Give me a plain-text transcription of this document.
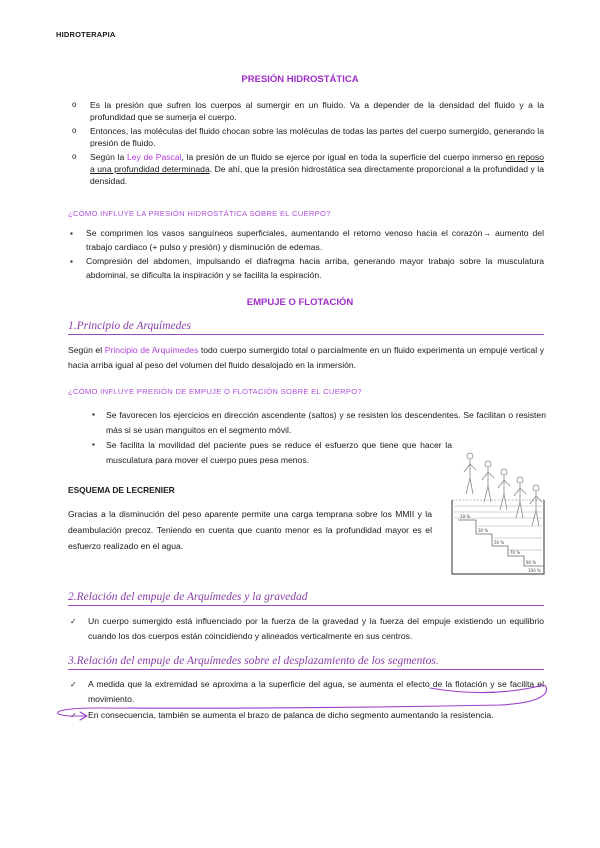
HIDROTERAPIA
PRESIÓN HIDROSTÁTICA
o Es la presión que sufren los cuerpos al sumergir en un fluido. Va a depender de la densidad del fluido y a la profundidad que se sumerja el cuerpo.
o Entonces, las moléculas del fluido chocan sobre las moléculas de todas las partes del cuerpo sumergido, generando la presión de fluido.
o Según la Ley de Pascal, la presión de un fluido se ejerce por igual en toda la superficie del cuerpo inmerso en reposo a una profundidad determinada. De ahí, que la presión hidrostática sea directamente proporcional a la profundidad y la densidad.
¿CÓMO INFLUYE LA PRESIÓN HIDROSTÁTICA SOBRE EL CUERPO?
▪ Se comprimen los vasos sanguíneos superficiales, aumentando el retorno venoso hacia el corazón→ aumento del trabajo cardiaco (+ pulso y presión) y disminución de edemas.
▪ Compresión del abdomen, impulsando el diafragma hacia arriba, generando mayor trabajo sobre la musculatura abdominal, se dificulta la inspiración y se facilita la espiración.
EMPUJE O FLOTACIÓN
1.Principio de Arquímedes
Según el Principio de Arquímedes todo cuerpo sumergido total o parcialmente en un fluido experimenta un empuje vertical y hacia arriba igual al peso del volumen del fluido desalojado en la inmersión.
¿CÓMO INFLUYE PRESIÓN DE EMPUJE O FLOTACIÓN SOBRE EL CUERPO?
▪ Se favorecen los ejercicios en dirección ascendente (saltos) y se resisten los descendentes. Se facilitan o resisten más si se usan manguitos en el segmento móvil.
▪ Se facilita la movilidad del paciente pues se reduce el esfuerzo que tiene que hacer la musculatura para mover el cuerpo pues pesa menos.
ESQUEMA DE LECRENIER
Gracias a la disminución del peso aparente permite una carga temprana sobre los MMII y la deambulación precoz. Teniendo en cuenta que cuanto menor es la profundidad mayor es el esfuerzo realizado en el agua.
10 %
30 %
50 %
70 %
90 %
100 %
2.Relación del empuje de Arquímedes y la gravedad
✓ Un cuerpo sumergido está influenciado por la fuerza de la gravedad y la fuerza del empuje existiendo un equilibrio cuando los dos cuerpos están coincidiendo y alineados verticalmente en sus centros.
3.Relación del empuje de Arquímedes sobre el desplazamiento de los segmentos.
✓ A medida que la extremidad se aproxima a la superficie del agua, se aumenta el efecto de la flotación y se facilita el movimiento.
✓ En consecuencia, también se aumenta el brazo de palanca de dicho segmento aumentando la resistencia.
